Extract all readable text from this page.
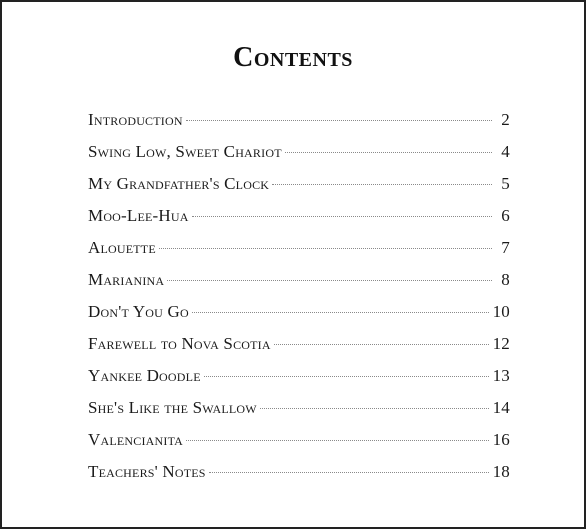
Contents
Introduction	2
Swing Low, Sweet Chariot	4
My Grandfather's Clock	5
Moo-Lee-Hua	6
Alouette	7
Marianina	8
Don't You Go	10
Farewell to Nova Scotia	12
Yankee Doodle	13
She's Like the Swallow	14
Valencianita	16
Teachers' Notes	18
